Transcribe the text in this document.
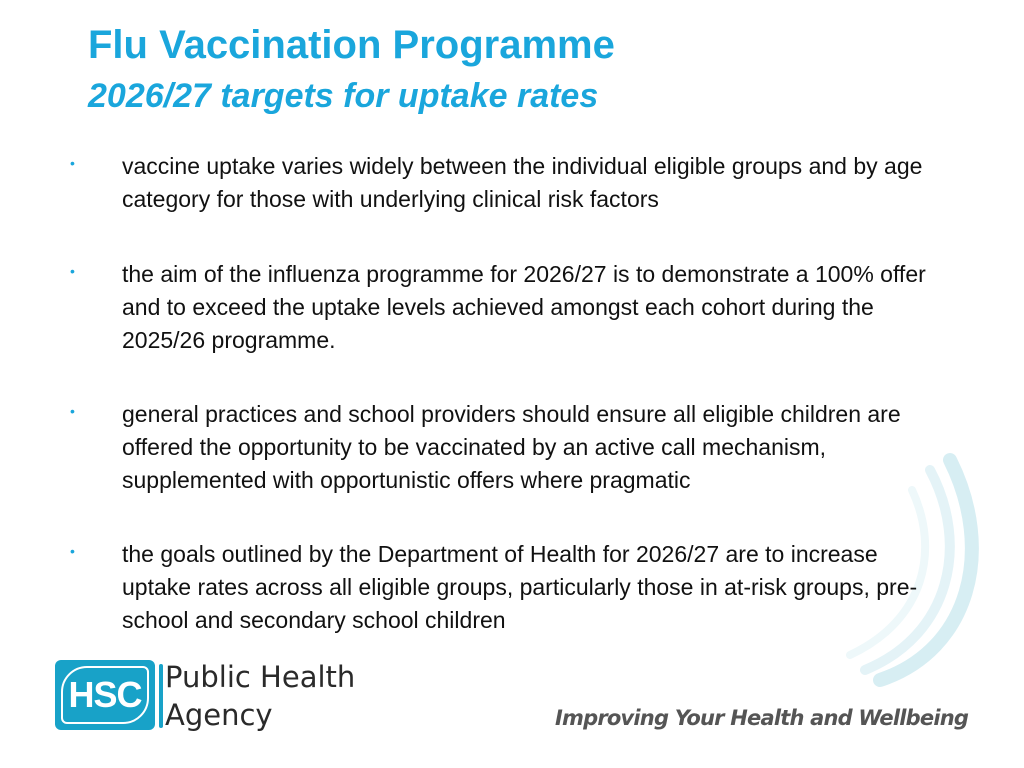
Flu Vaccination Programme
2026/27 targets for uptake rates
• vaccine uptake varies widely between the individual eligible groups and by age category for those with underlying clinical risk factors
• the aim of the influenza programme for 2026/27 is to demonstrate a 100% offer and to exceed the uptake levels achieved amongst each cohort during the 2025/26 programme.
• general practices and school providers should ensure all eligible children are offered the opportunity to be vaccinated by an active call mechanism, supplemented with opportunistic offers where pragmatic
• the goals outlined by the Department of Health for 2026/27 are to increase uptake rates across all eligible groups, particularly those in at-risk groups, pre-school and secondary school children
HSC Public Health
Agency	Improving Your Health and Wellbeing
